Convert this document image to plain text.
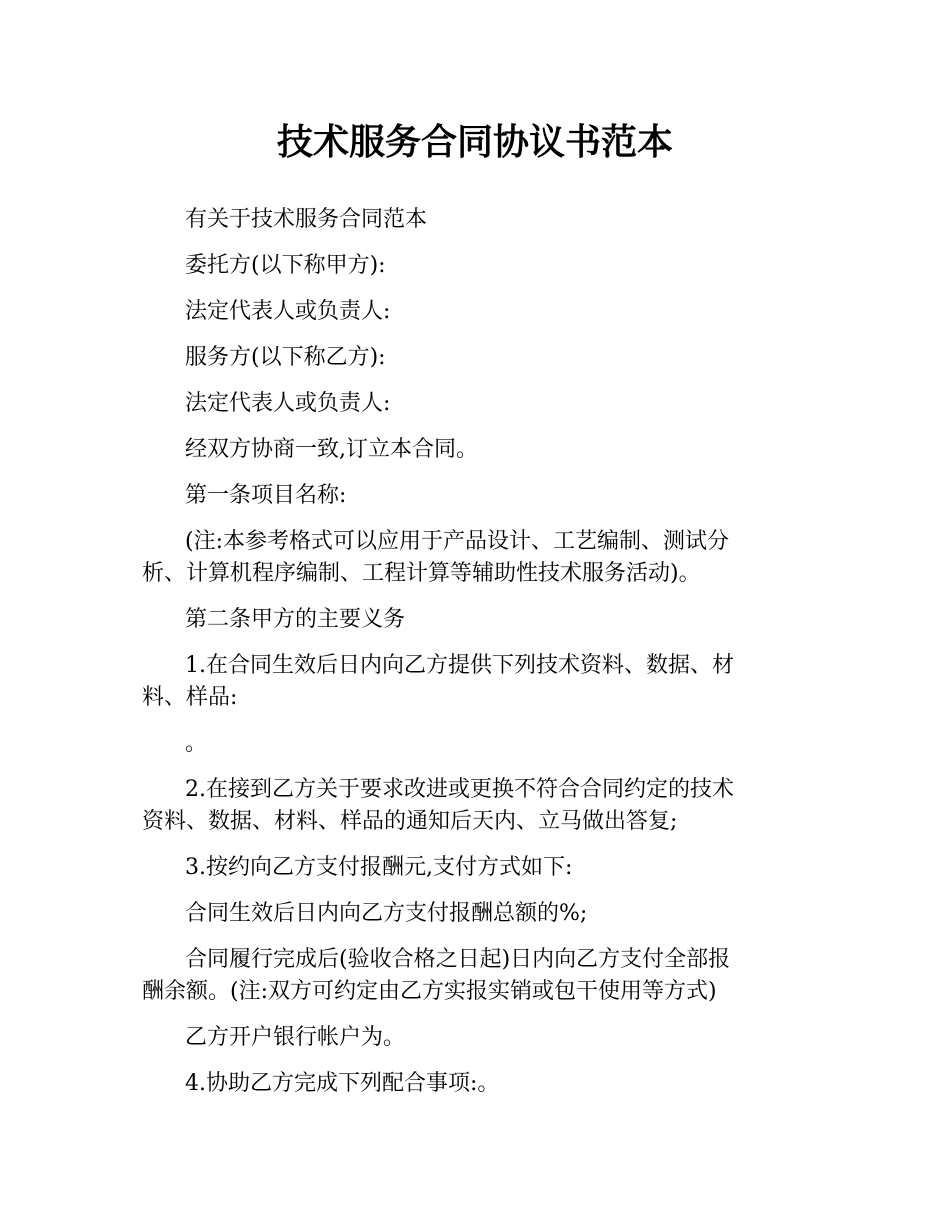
技术服务合同协议书范本

有关于技术服务合同范本

委托方(以下称甲方):

法定代表人或负责人:

服务方(以下称乙方):

法定代表人或负责人:

经双方协商一致,订立本合同。

第一条项目名称:

(注:本参考格式可以应用于产品设计、工艺编制、测试分
析、计算机程序编制、工程计算等辅助性技术服务活动)。

第二条甲方的主要义务

1.在合同生效后日内向乙方提供下列技术资料、数据、材
料、样品:

。

2.在接到乙方关于要求改进或更换不符合合同约定的技术
资料、数据、材料、样品的通知后天内、立马做出答复;

3.按约向乙方支付报酬元,支付方式如下:

合同生效后日内向乙方支付报酬总额的%;

合同履行完成后(验收合格之日起)日内向乙方支付全部报
酬余额。(注:双方可约定由乙方实报实销或包干使用等方式)

乙方开户银行帐户为。

4.协助乙方完成下列配合事项:。
